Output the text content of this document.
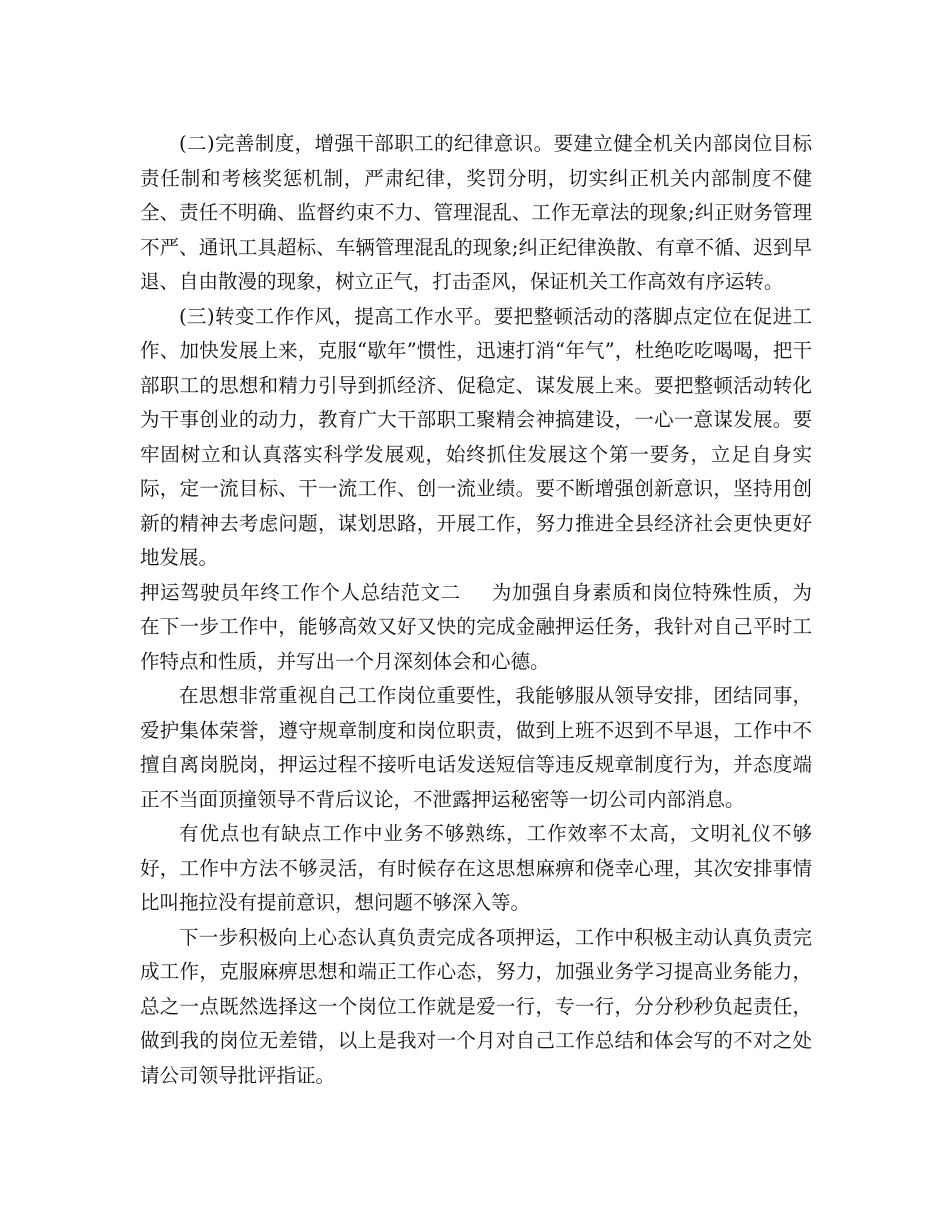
(二)完善制度，增强干部职工的纪律意识。要建立健全机关内部岗位目标责任制和考核奖惩机制，严肃纪律，奖罚分明，切实纠正机关内部制度不健全、责任不明确、监督约束不力、管理混乱、工作无章法的现象;纠正财务管理不严、通讯工具超标、车辆管理混乱的现象;纠正纪律涣散、有章不循、迟到早退、自由散漫的现象，树立正气，打击歪风，保证机关工作高效有序运转。

(三)转变工作作风，提高工作水平。要把整顿活动的落脚点定位在促进工作、加快发展上来，克服“歇年”惯性，迅速打消“年气”，杜绝吃吃喝喝，把干部职工的思想和精力引导到抓经济、促稳定、谋发展上来。要把整顿活动转化为干事创业的动力，教育广大干部职工聚精会神搞建设，一心一意谋发展。要牢固树立和认真落实科学发展观，始终抓住发展这个第一要务，立足自身实际，定一流目标、干一流工作、创一流业绩。要不断增强创新意识，坚持用创新的精神去考虑问题，谋划思路，开展工作，努力推进全县经济社会更快更好地发展。

押运驾驶员年终工作个人总结范文二 为加强自身素质和岗位特殊性质，为在下一步工作中，能够高效又好又快的完成金融押运任务，我针对自己平时工作特点和性质，并写出一个月深刻体会和心德。

在思想非常重视自己工作岗位重要性，我能够服从领导安排，团结同事，爱护集体荣誉，遵守规章制度和岗位职责，做到上班不迟到不早退，工作中不擅自离岗脱岗，押运过程不接听电话发送短信等违反规章制度行为，并态度端正不当面顶撞领导不背后议论，不泄露押运秘密等一切公司内部消息。

有优点也有缺点工作中业务不够熟练，工作效率不太高，文明礼仪不够好，工作中方法不够灵活，有时候存在这思想麻痹和侥幸心理，其次安排事情比叫拖拉没有提前意识，想问题不够深入等。

下一步积极向上心态认真负责完成各项押运，工作中积极主动认真负责完成工作，克服麻痹思想和端正工作心态，努力，加强业务学习提高业务能力，总之一点既然选择这一个岗位工作就是爱一行，专一行，分分秒秒负起责任，做到我的岗位无差错，以上是我对一个月对自己工作总结和体会写的不对之处请公司领导批评指证。
